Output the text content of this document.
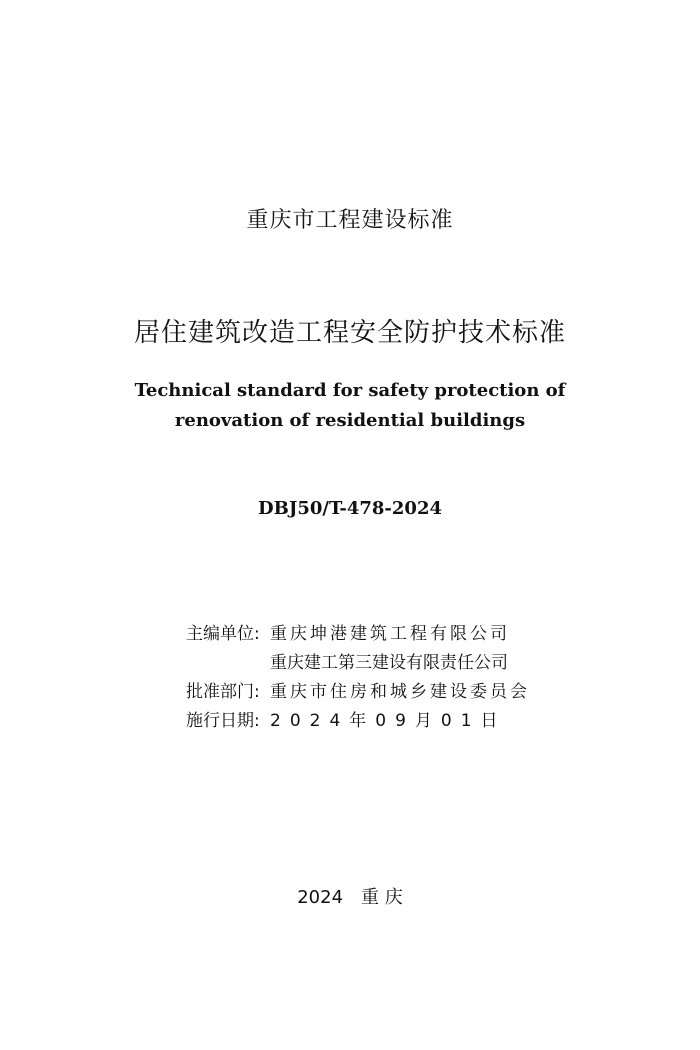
重庆市工程建设标准
居住建筑改造工程安全防护技术标准
Technical standard for safety protection of
renovation of residential buildings
DBJ50/T-478-2024
主编单位: 重庆坤港建筑工程有限公司
重庆建工第三建设有限责任公司
批准部门: 重庆市住房和城乡建设委员会
施行日期: 2024年09月01日
2024 重 庆
